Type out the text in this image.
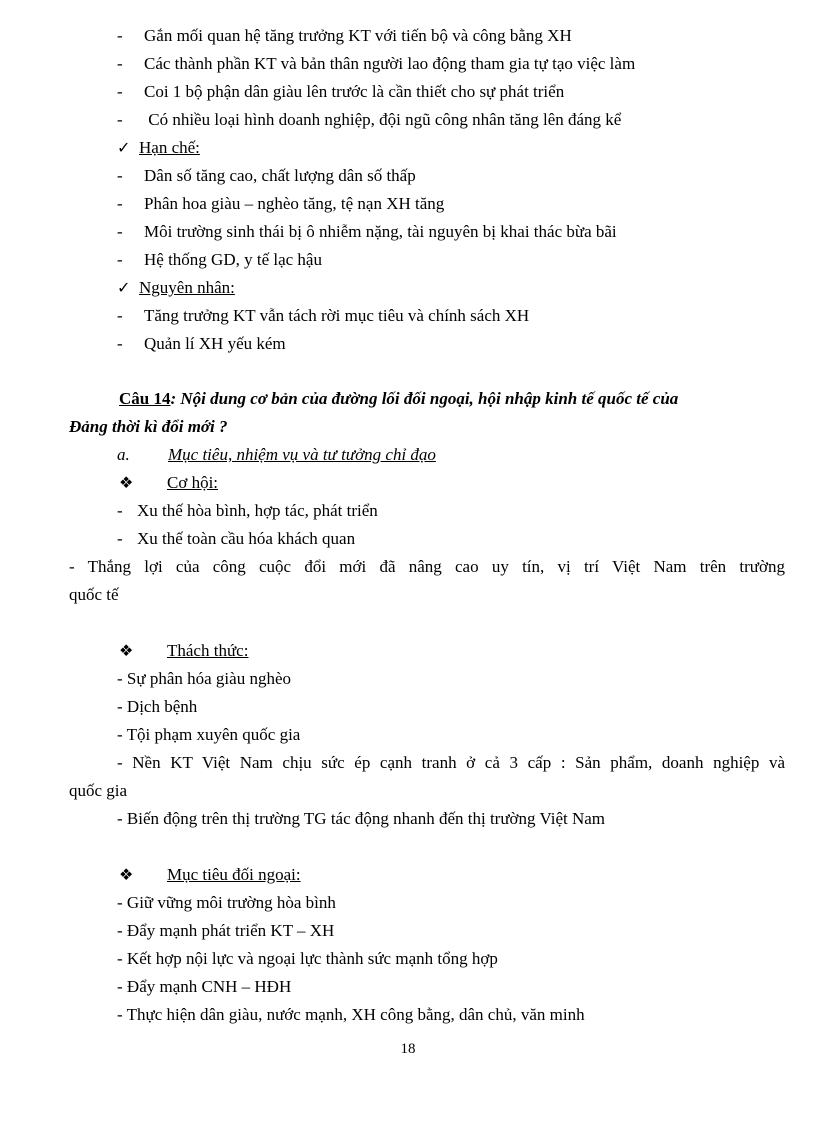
- Gắn mối quan hệ tăng trưởng KT với tiến bộ và công bằng XH
- Các thành phần KT và bản thân người lao động tham gia tự tạo việc làm
- Coi 1 bộ phận dân giàu lên trước là cần thiết cho sự phát triển
- Có nhiều loại hình doanh nghiệp, đội ngũ công nhân tăng lên đáng kể
✓ Hạn chế:
- Dân số tăng cao, chất lượng dân số thấp
- Phân hoa giàu – nghèo tăng, tệ nạn XH tăng
- Môi trường sinh thái bị ô nhiễm nặng, tài nguyên bị khai thác bừa bãi
- Hệ thống GD, y tế lạc hậu
✓ Nguyên nhân:
- Tăng trưởng KT vẫn tách rời mục tiêu và chính sách XH
- Quản lí XH yếu kém
Câu 14: Nội dung cơ bản của đường lối đối ngoại, hội nhập kinh tế quốc tế của
Đảng thời kì đổi mới ?
a. Mục tiêu, nhiệm vụ và tư tưởng chỉ đạo
❖ Cơ hội:
- Xu thế hòa bình, hợp tác, phát triển
- Xu thế toàn cầu hóa khách quan
- Thắng lợi của công cuộc đổi mới đã nâng cao uy tín, vị trí Việt Nam trên trường
quốc tế
❖ Thách thức:
- Sự phân hóa giàu nghèo
- Dịch bệnh
- Tội phạm xuyên quốc gia
- Nền KT Việt Nam chịu sức ép cạnh tranh ở cả 3 cấp : Sản phẩm, doanh nghiệp và
quốc gia
- Biến động trên thị trường TG tác động nhanh đến thị trường Việt Nam
❖ Mục tiêu đối ngoại:
- Giữ vững môi trường hòa bình
- Đẩy mạnh phát triển KT – XH
- Kết hợp nội lực và ngoại lực thành sức mạnh tổng hợp
- Đẩy mạnh CNH – HĐH
- Thực hiện dân giàu, nước mạnh, XH công bằng, dân chủ, văn minh
18
